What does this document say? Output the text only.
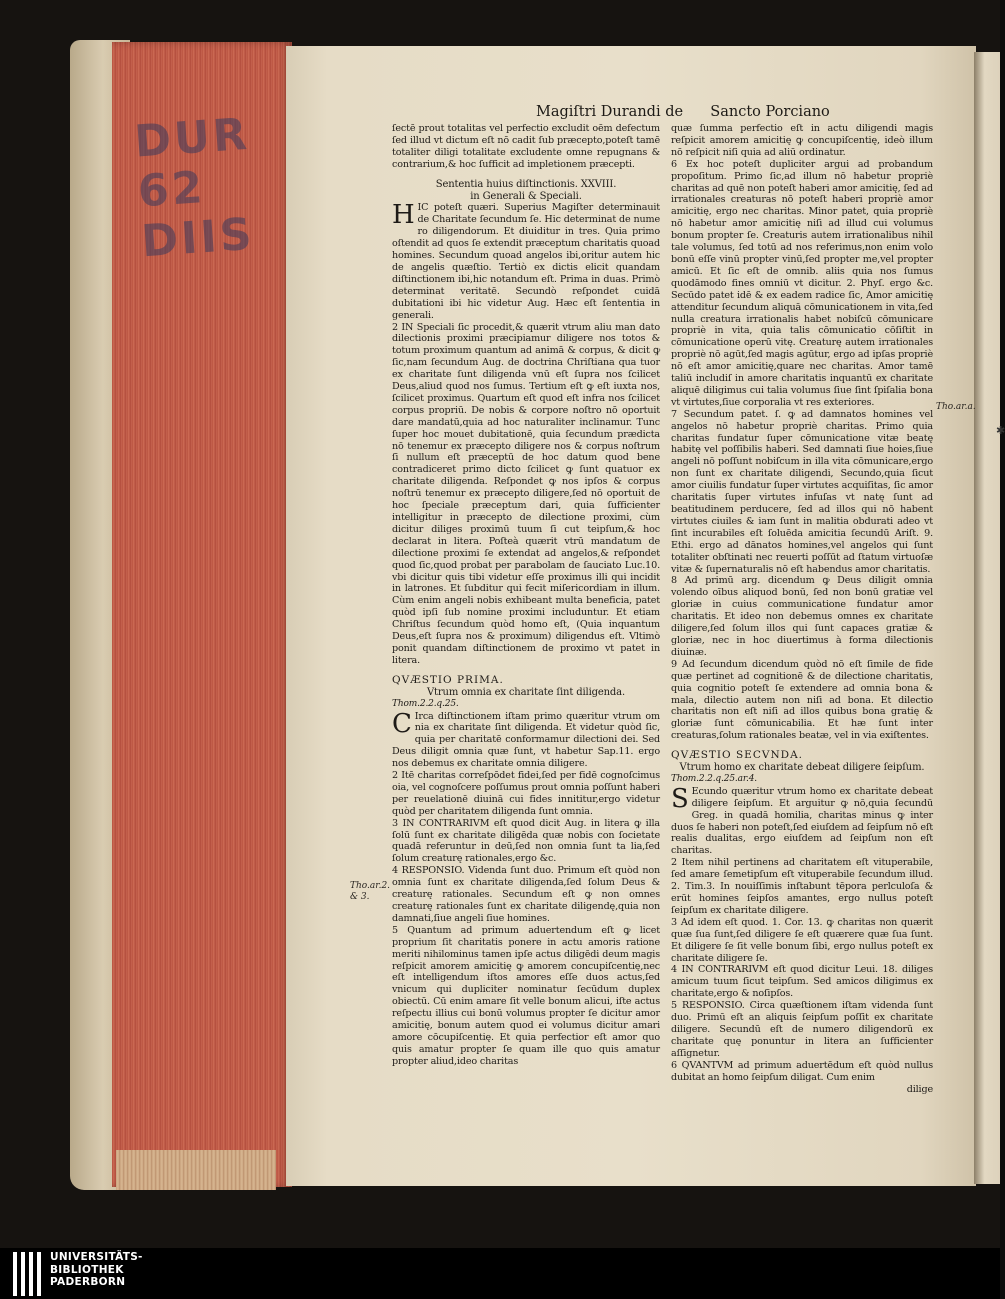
DUR 62 DIIS
✱
Magiſtri Durandi de Sancto Porciano
Tho.ar.2. & 3.
Tho.ar.a.

ſectē prout totalitas vel perfectio excludit oēm defectum ſed illud vt dictum eſt nō cadit ſub præcepto,poteſt tamē totaliter diligi totalitate excludente omne repugnans & contrarium,& hoc ſufficit ad impletionem præcepti.

Sententia huius diſtinctionis. XXVIII.

in Generali & Speciali.

HIC poteſt quæri. Superius Magiſter determinauit de Charitate ſecundum ſe. Hic determinat de nume ro diligendorum. Et diuiditur in tres. Quia primo oſtendit ad quos ſe extendit præceptum charitatis quoad homines. Secundum quoad angelos ibi,oritur autem hic de angelis quæſtio. Tertiò ex dictis elicit quandam diſtinctionem ibi,hic notandum eſt. Prima in duas. Primò determinat veritatē. Secundò reſpondet cuidā dubitationi ibi hic videtur Aug. Hæc eſt ſententia in generali.

2 IN Speciali ſic procedit,& quærit vtrum aliu man dato dilectionis proximi præcipiamur diligere nos totos & totum proximum quantum ad animā & corpus, & dicit ꝙ ſic,nam ſecundum Aug. de doctrina Chriſtiana qua tuor ex charitate ſunt diligenda vnū eſt ſupra nos ſcilicet Deus,aliud quod nos ſumus. Tertium eſt ꝙ eſt iuxta nos, ſcilicet proximus. Quartum eſt quod eſt infra nos ſcilicet corpus propriū. De nobis & corpore noſtro nō oportuit dare mandatū,quia ad hoc naturaliter inclinamur. Tunc ſuper hoc mouet dubitationē, quia ſecundum prædicta nō tenemur ex præcepto diligere nos & corpus noſtrum ſi nullum eſt præceptū de hoc datum quod bene contradiceret primo dicto ſcilicet ꝙ ſunt quatuor ex charitate diligenda. Reſpondet ꝙ nos ipſos & corpus noſtrū tenemur ex præcepto diligere,ſed nō oportuit de hoc ſpeciale præceptum dari, quia ſufficienter intelligitur in præcepto de dilectione proximi, cùm dicitur diliges proximū tuum ſi cut teipſum,& hoc declarat in litera. Poſteà quærit vtrū mandatum de dilectione proximi ſe extendat ad angelos,& reſpondet quod ſic,quod probat per parabolam de ſauciato Luc.10. vbi dicitur quis tibi videtur eſſe proximus illi qui incidit in latrones. Et ſubditur qui fecit miſericordiam in illum. Cùm enim angeli nobis exhibeant multa beneficia, patet quòd ipſi ſub nomine proximi includuntur. Et etiam Chriſtus ſecundum quòd homo eſt, (Quia inquantum Deus,eſt ſupra nos & proximum) diligendus eſt. Vltimò ponit quandam diſtinctionem de proximo vt patet in litera.

QVÆSTIO PRIMA.

Vtrum omnia ex charitate ſint diligenda.

Thom.2.2.q.25.

C Irca diſtinctionem iſtam primo quæritur vtrum om nia ex charitate ſint diligenda. Et videtur quòd ſic, quia per charitatē conformamur dilectioni dei. Sed Deus diligit omnia quæ ſunt, vt habetur Sap.11. ergo nos debemus ex charitate omnia diligere.

2 Itē charitas correſpōdet fidei,ſed per fidē cognoſcimus oia, vel cognoſcere poſſumus prout omnia poſſunt haberi per reuelationē diuinā cui fides innititur,ergo videtur quòd per charitatem diligenda ſunt omnia.

3 IN CONTRARIVM eſt quod dicit Aug. in litera ꝙ illa ſolū ſunt ex charitate diligēda quæ nobis con ſocietate quadā referuntur in deū,ſed non omnia ſunt ta lia,ſed ſolum creaturę rationales,ergo &c.

4 RESPONSIO. Videnda ſunt duo. Primum eſt quòd non omnia ſunt ex charitate diligenda,ſed ſolum Deus & creaturę rationales. Secundum eſt ꝙ non omnes creaturę rationales ſunt ex charitate diligendę,quia non damnati,ſiue angeli ſiue homines.

5 Quantum ad primum aduertendum eſt ꝙ licet proprium ſit charitatis ponere in actu amoris ratione meriti nihilominus tamen ipſe actus diligēdi deum magis reſpicit amorem amicitię ꝙ amorem concupiſcentię,nec eſt intelligendum iſtos amores eſſe duos actus,ſed vnicum qui dupliciter nominatur ſecūdum duplex obiectū. Cū enim amare ſit velle bonum alicui, iſte actus reſpectu illius cui bonū volumus propter ſe dicitur amor amicitię, bonum autem quod ei volumus dicitur amari amore cōcupiſcentię. Et quia perfectior eſt amor quo quis amatur propter ſe quam ille quo quis amatur propter aliud,ideo charitas

quæ ſumma perfectio eſt in actu diligendi magis reſpicit amorem amicitię ꝙ concupiſcentię, ideò illum nō reſpicit niſi quia ad aliū ordinatur.

6 Ex hoc poteſt dupliciter argui ad probandum propoſitum. Primo ſic,ad illum nō habetur propriè charitas ad quē non poteſt haberi amor amicitię, ſed ad irrationales creaturas nō poteſt haberi propriè amor amicitię, ergo nec charitas. Minor patet, quia propriè nō habetur amor amicitię niſi ad illud cui volumus bonum propter ſe. Creaturis autem irrationalibus nihil tale volumus, ſed totū ad nos referimus,non enim volo bonū eſſe vinū propter vinū,ſed propter me,vel propter amicū. Et ſic eſt de omnib. aliis quia nos ſumus quodāmodo fines omniū vt dicitur. 2. Phyſ. ergo &c. Secūdo patet idē & ex eadem radice ſic, Amor amicitię attenditur ſecundum aliquā cōmunicationem in vita,ſed nulla creatura irrationalis habet nobiſcū cōmunicare propriè in vita, quia talis cōmunicatio cōſiſtit in cōmunicatione operū vitę. Creaturę autem irrationales propriè nō agūt,ſed magis agūtur, ergo ad ipſas propriè nō eſt amor amicitię,quare nec charitas. Amor tamē taliū includiſ in amore charitatis inquantū ex charitate aliquē diligimus cui talia volumus ſiue ſint ſpiſalia bona vt virtutes,ſiue corporalia vt res exteriores.

7 Secundum patet. ſ. ꝙ ad damnatos homines vel angelos nō habetur propriè charitas. Primo quia charitas fundatur ſuper cōmunicatione vitæ beatę habitę vel poſſibilis haberi. Sed damnati ſiue hoies,ſiue angeli nō poſſunt nobiſcum in illa vita cōmunicare,ergo non ſunt ex charitate diligendi, Secundo,quia ſicut amor ciuilis fundatur ſuper virtutes acquiſitas, ſic amor charitatis ſuper virtutes infuſas vt natę ſunt ad beatitudinem perducere, ſed ad illos qui nō habent virtutes ciuiles & iam ſunt in malitia obdurati adeo vt ſint incurabiles eſt ſoluēda amicitia ſecundū Ariſt. 9. Ethi. ergo ad dānatos homines,vel angelos qui ſunt totaliter obſtinati nec reuerti poſſūt ad ſtatum virtuoſæ vitæ & ſupernaturalis nō eſt habendus amor charitatis.

8 Ad primū arg. dicendum ꝙ Deus diligit omnia volendo oībus aliquod bonū, ſed non bonū gratiæ vel gloriæ in cuius communicatione fundatur amor charitatis. Et ideo non debemus omnes ex charitate diligere,ſed ſolum illos qui ſunt capaces gratiæ & gloriæ, nec in hoc diuertimus à forma dilectionis diuinæ.

9 Ad ſecundum dicendum quòd nō eſt ſimile de fide quæ pertinet ad cognitionē & de dilectione charitatis, quia cognitio poteſt ſe extendere ad omnia bona & mala, dilectio autem non niſi ad bona. Et dilectio charitatis non eſt niſi ad illos quibus bona gratię & gloriæ ſunt cōmunicabilia. Et hæ ſunt inter creaturas,ſolum rationales beatæ, vel in via exiſtentes.

QVÆSTIO SECVNDA.

Vtrum homo ex charitate debeat diligere ſeipſum.

Thom.2.2.q.25.ar.4.

S Ecundo quæritur vtrum homo ex charitate debeat diligere ſeipſum. Et arguitur ꝙ nō,quia ſecundū Greg. in quadā homilia, charitas minus ꝙ inter duos ſe haberi non poteſt,ſed eiuſdem ad ſeipſum nō eſt realis dualitas, ergo eiuſdem ad ſeipſum non eſt charitas.

2 Item nihil pertinens ad charitatem eſt vituperabile, ſed amare ſemetipſum eſt vituperabile ſecundum illud. 2. Tim.3. In nouiſſimis inſtabunt tēpora perlculoſa & erūt homines ſeipſos amantes, ergo nullus poteſt ſeipſum ex charitate diligere.

3 Ad idem eſt quod. 1. Cor. 13. ꝙ charitas non quærit quæ ſua ſunt,ſed diligere ſe eſt quærere quæ ſua ſunt. Et diligere ſe ſit velle bonum ſibi, ergo nullus poteſt ex charitate diligere ſe.

4 IN CONTRARIVM eſt quod dicitur Leui. 18. diliges amicum tuum ſicut teipſum. Sed amicos diligimus ex charitate,ergo & noſipſos.

5 RESPONSIO. Circa quæſtionem iſtam videnda ſunt duo. Primū eſt an aliquis ſeipſum poſſit ex charitate diligere. Secundū eſt de numero diligendorū ex charitate quę ponuntur in litera an ſufficienter aſſignetur.

6 QVANTVM ad primum aduertēdum eſt quòd nullus dubitat an homo ſeipſum diligat. Cum enim

dilige

UNIVERSITÄTS-
BIBLIOTHEK
PADERBORN
